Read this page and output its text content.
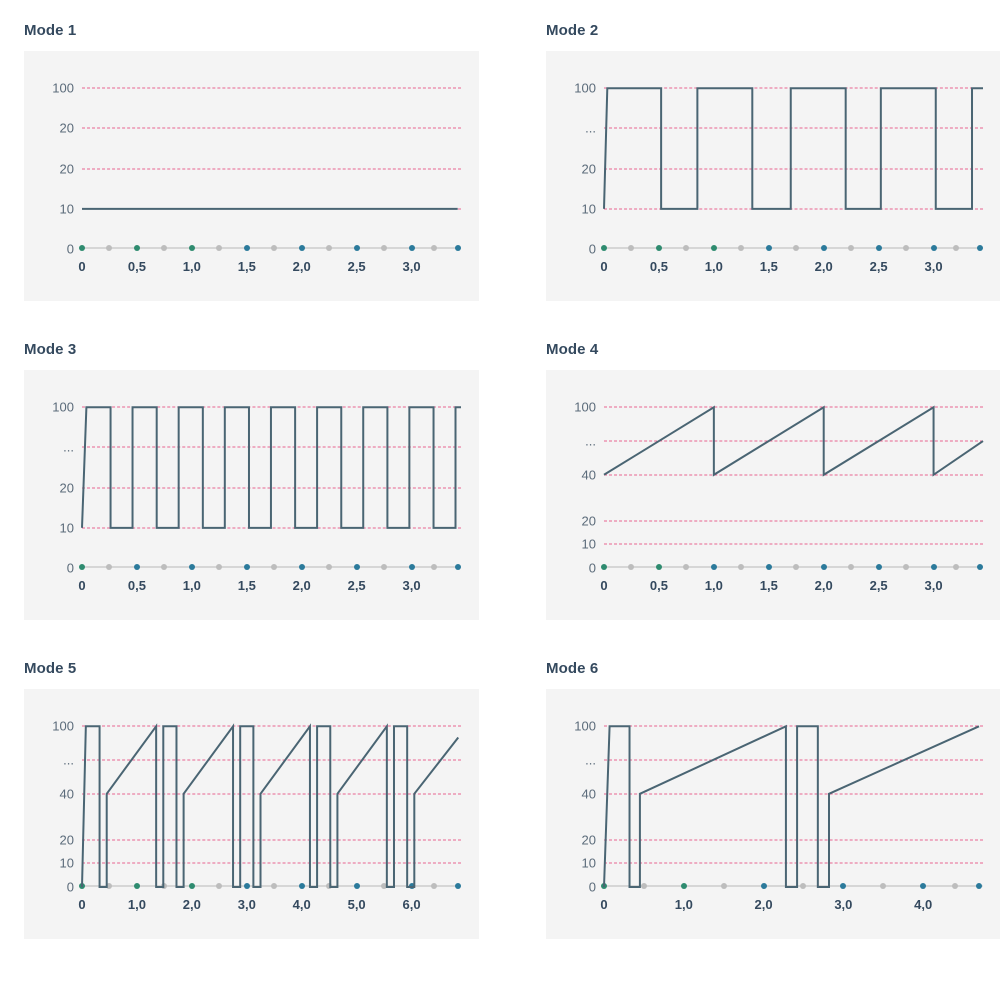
Mode 1
100
20
20
10
0
0	0,5	1,0	1,5	2,0	2,5	3,0
Mode 2
100
...
20
10
0
0	0,5	1,0	1,5	2,0	2,5	3,0
Mode 3
100
...
20
10
0
0	0,5	1,0	1,5	2,0	2,5	3,0
Mode 4
100
...
40
20
10
0
0	0,5	1,0	1,5	2,0	2,5	3,0
Mode 5
100
...
40
20
10
0
0	1,0	2,0	3,0	4,0	5,0	6,0
Mode 6
100
...
40
20
10
0
0	1,0	2,0	3,0	4,0
